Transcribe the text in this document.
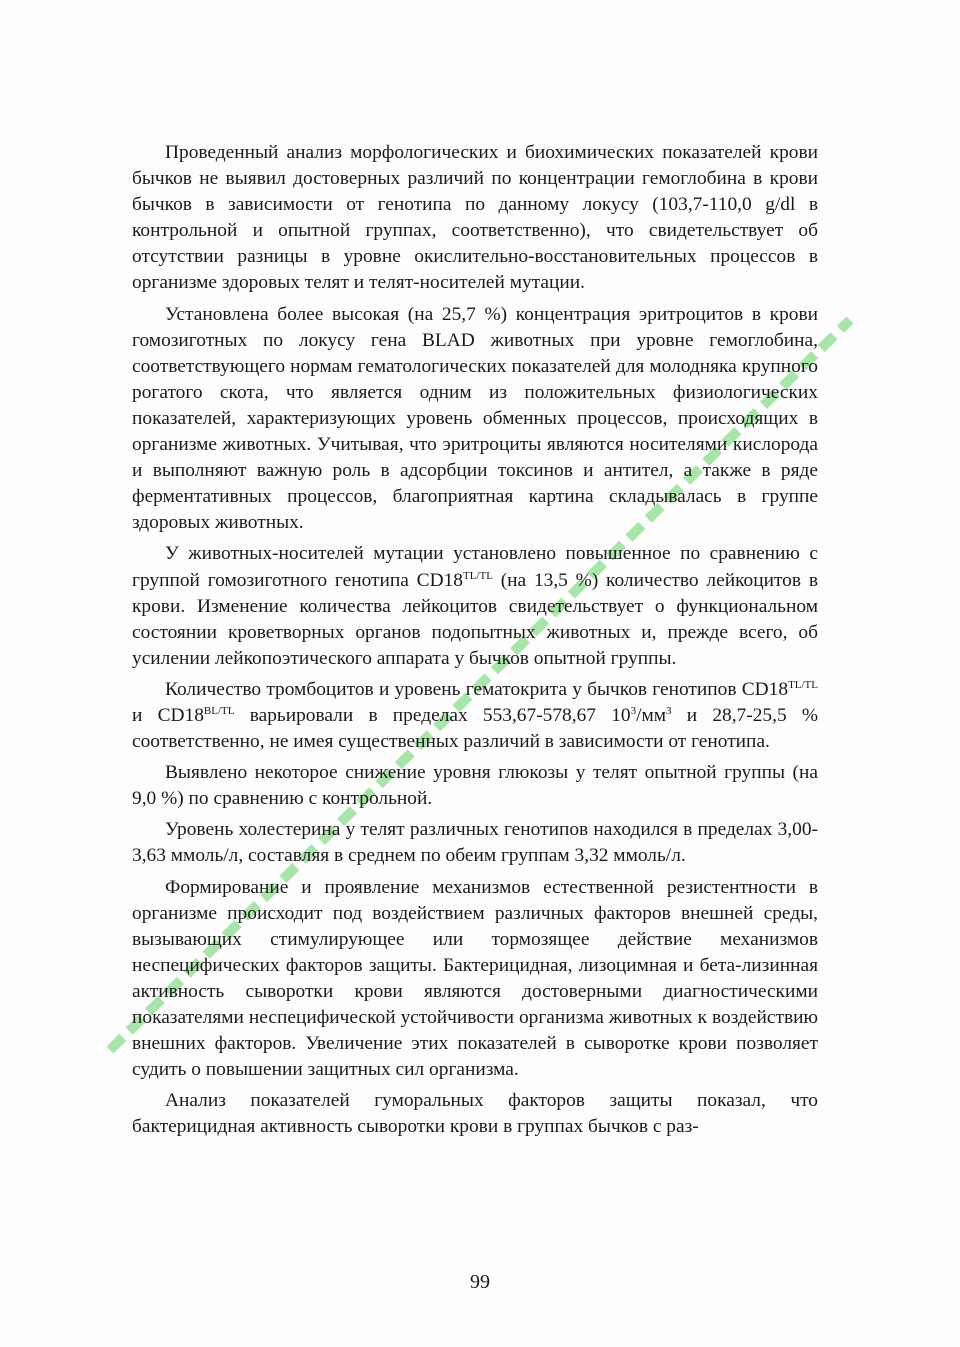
Проведенный анализ морфологических и биохимических показателей крови бычков не выявил достоверных различий по концентрации гемоглобина в крови бычков в зависимости от генотипа по данному локусу (103,7-110,0 g/dl в контрольной и опытной группах, соответственно), что свидетельствует об отсутствии разницы в уровне окислительно-восстановительных процессов в организме здоровых телят и телят-носителей мутации.

Установлена более высокая (на 25,7 %) концентрация эритроцитов в крови гомозиготных по локусу гена BLAD животных при уровне гемоглобина, соответствующего нормам гематологических показателей для молодняка крупного рогатого скота, что является одним из положительных физиологических показателей, характеризующих уровень обменных процессов, происходящих в организме животных. Учитывая, что эритроциты являются носителями кислорода и выполняют важную роль в адсорбции токсинов и антител, а также в ряде ферментативных процессов, благоприятная картина складывалась в группе здоровых животных.

У животных-носителей мутации установлено повышенное по сравнению с группой гомозиготного генотипа $CD18^{TL/TL}$ (на 13,5 %) количество лейкоцитов в крови. Изменение количества лейкоцитов свидетельствует о функциональном состоянии кроветворных органов подопытных животных и, прежде всего, об усилении лейкопоэтического аппарата у бычков опытной группы.

Количество тромбоцитов и уровень гематокрита у бычков генотипов $CD18^{TL/TL}$ и $CD18^{BL/TL}$ варьировали в пределах 553,67-578,67 $10^3/мм^3$ и 28,7-25,5 % соответственно, не имея существенных различий в зависимости от генотипа.

Выявлено некоторое снижение уровня глюкозы у телят опытной группы (на 9,0 %) по сравнению с контрольной.

Уровень холестерина у телят различных генотипов находился в пределах 3,00-3,63 ммоль/л, составляя в среднем по обеим группам 3,32 ммоль/л.

Формирование и проявление механизмов естественной резистентности в организме происходит под воздействием различных факторов внешней среды, вызывающих стимулирующее или тормозящее действие механизмов неспецифических факторов защиты. Бактерицидная, лизоцимная и бета-лизинная активность сыворотки крови являются достоверными диагностическими показателями неспецифической устойчивости организма животных к воздействию внешних факторов. Увеличение этих показателей в сыворотке крови позволяет судить о повышении защитных сил организма.

Анализ показателей гуморальных факторов защиты показал, что бактерицидная активность сыворотки крови в группах бычков с раз-

99
